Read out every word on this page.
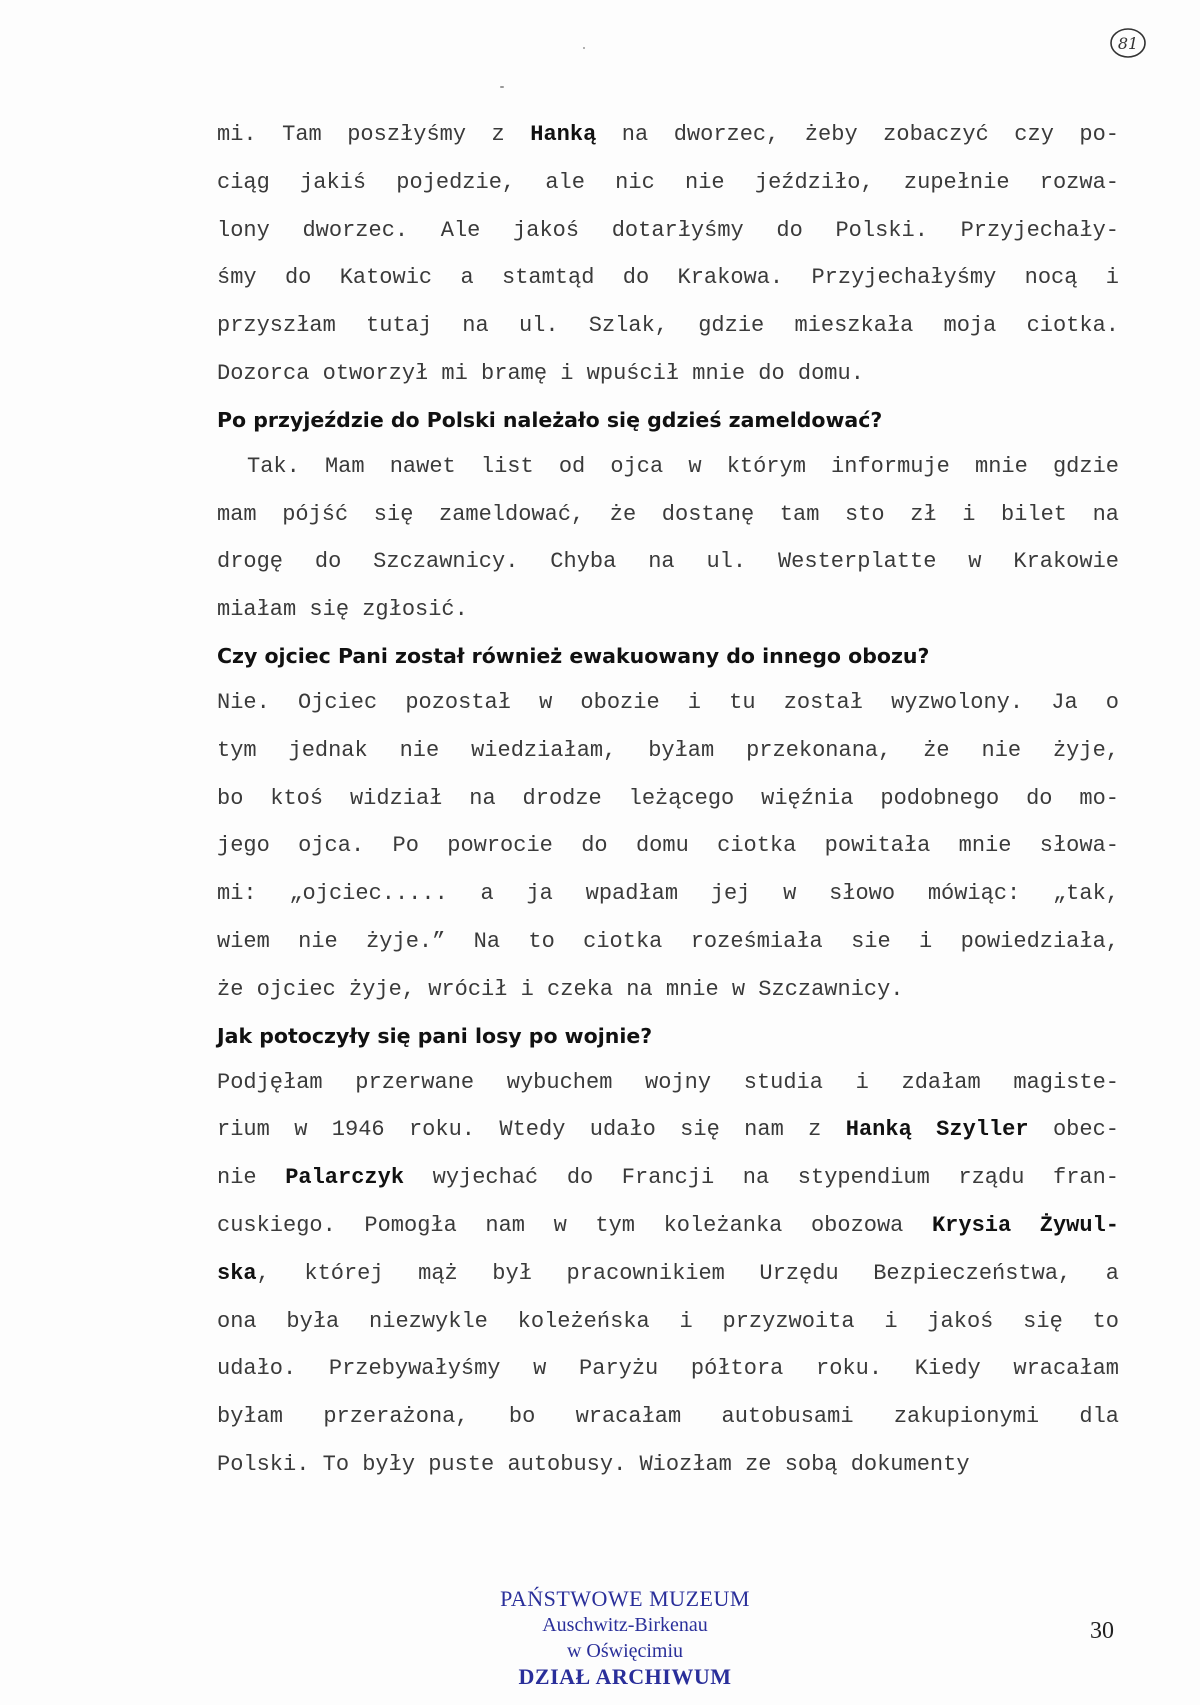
81
mi. Tam poszłyśmy z Hanką na dworzec, żeby zobaczyć czy po-
ciąg jakiś pojedzie, ale nic nie jeździło, zupełnie rozwa-
lony dworzec. Ale jakoś dotarłyśmy do Polski. Przyjechały-
śmy do Katowic a stamtąd do Krakowa. Przyjechałyśmy nocą i
przyszłam tutaj na ul. Szlak, gdzie mieszkała moja ciotka.
Dozorca otworzył mi bramę i wpuścił mnie do domu.
Po przyjeździe do Polski należało się gdzieś zameldować?
Tak. Mam nawet list od ojca w którym informuje mnie gdzie
mam pójść się zameldować, że dostanę tam sto zł i bilet na
drogę do Szczawnicy. Chyba na ul. Westerplatte w Krakowie
miałam się zgłosić.
Czy ojciec Pani został również ewakuowany do innego obozu?
Nie. Ojciec pozostał w obozie i tu został wyzwolony. Ja o
tym jednak nie wiedziałam, byłam przekonana, że nie żyje,
bo ktoś widział na drodze leżącego więźnia podobnego do mo-
jego ojca. Po powrocie do domu ciotka powitała mnie słowa-
mi: „ojciec..... a ja wpadłam jej w słowo mówiąc: „tak,
wiem nie żyje.” Na to ciotka roześmiała sie i powiedziała,
że ojciec żyje, wrócił i czeka na mnie w Szczawnicy.
Jak potoczyły się pani losy po wojnie?
Podjęłam przerwane wybuchem wojny studia i zdałam magiste-
rium w 1946 roku. Wtedy udało się nam z Hanką Szyller obec-
nie Palarczyk wyjechać do Francji na stypendium rządu fran-
cuskiego. Pomogła nam w tym koleżanka obozowa Krysia Żywul-
ska, której mąż był pracownikiem Urzędu Bezpieczeństwa, a
ona była niezwykle koleżeńska i przyzwoita i jakoś się to
udało. Przebywałyśmy w Paryżu półtora roku. Kiedy wracałam
byłam przerażona, bo wracałam autobusami zakupionymi dla
Polski. To były puste autobusy. Wiozłam ze sobą dokumenty
PAŃSTWOWE MUZEUM
Auschwitz-Birkenau
w Oświęcimiu
DZIAŁ ARCHIWUM
30
